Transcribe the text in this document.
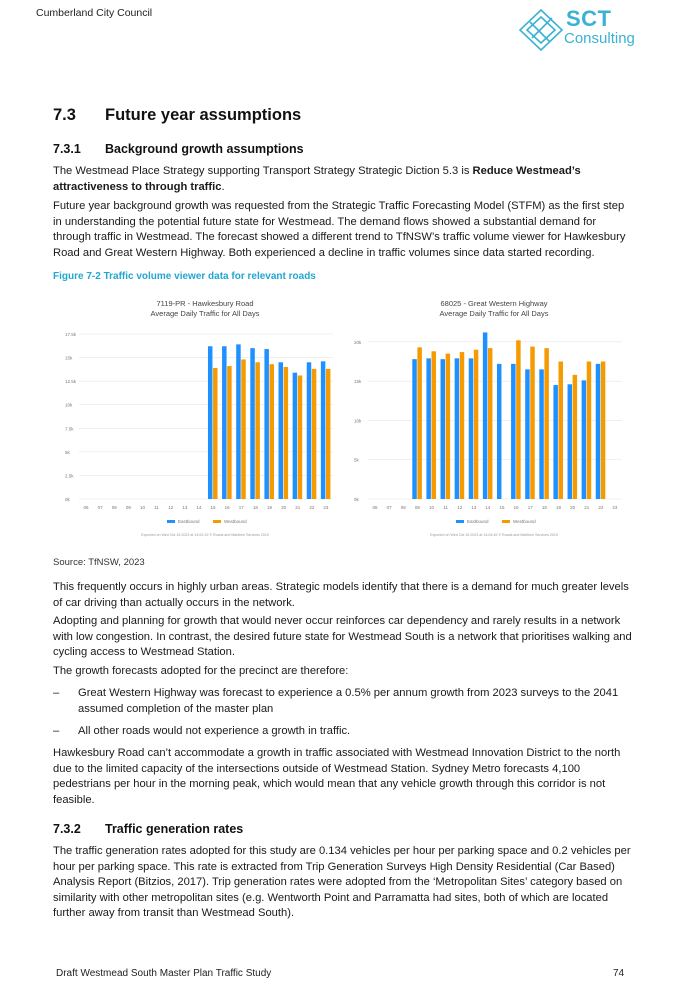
Cumberland City Council	SCT
Consulting
7.3 Future year assumptions
7.3.1 Background growth assumptions
The Westmead Place Strategy supporting Transport Strategy Strategic Diction 5.3 is Reduce Westmead’s attractiveness to through traffic.
Future year background growth was requested from the Strategic Traffic Forecasting Model (STFM) as the first step in understanding the potential future state for Westmead. The demand flows showed a substantial demand for through traffic in Westmead. The forecast showed a different trend to TfNSW’s traffic volume viewer for Hawkesbury Road and Great Western Highway. Both experienced a decline in traffic volumes since data started recording.
Figure 7-2 Traffic volume viewer data for relevant roads
7119-PR - Hawkesbury Road
Average Daily Traffic for All Days
0k
2.5k
5k
7.5k
10k
12.5k
15k
17.5k
06 07 08 09 10 11 12 13 14 15 16 17 18 19 20 21 22 23
Eastbound	Westbound
Exported on Wed Oct 18 2023 at 14:02:19 © Roads and Maritime Services 2019
68025 - Great Western Highway
Average Daily Traffic for All Days
0k
5k
10k
15k
20k
06 07 08 09 10 11 12 13 14 15 16 17 18 19 20 21 22 23
Eastbound	Westbound
Exported on Wed Oct 18 2023 at 14:04:45 © Roads and Maritime Services 2019
Source: TfNSW, 2023
This frequently occurs in highly urban areas. Strategic models identify that there is a demand for much greater levels of car driving than actually occurs in the network.
Adopting and planning for growth that would never occur reinforces car dependency and rarely results in a network with low congestion. In contrast, the desired future state for Westmead South is a network that prioritises walking and cycling access to Westmead Station.
The growth forecasts adopted for the precinct are therefore:
– Great Western Highway was forecast to experience a 0.5% per annum growth from 2023 surveys to the 2041 assumed completion of the master plan
– All other roads would not experience a growth in traffic.
Hawkesbury Road can’t accommodate a growth in traffic associated with Westmead Innovation District to the north due to the limited capacity of the intersections outside of Westmead Station. Sydney Metro forecasts 4,100 pedestrians per hour in the morning peak, which would mean that any vehicle growth through this corridor is not feasible.
7.3.2 Traffic generation rates
The traffic generation rates adopted for this study are 0.134 vehicles per hour per parking space and 0.2 vehicles per hour per parking space. This rate is extracted from Trip Generation Surveys High Density Residential (Car Based) Analysis Report (Bitzios, 2017). Trip generation rates were adopted from the ‘Metropolitan Sites’ category based on similarity with other metropolitan sites (e.g. Wentworth Point and Parramatta had sites, both of which are located further away from transit than Westmead South).
Draft Westmead South Master Plan Traffic Study	74
